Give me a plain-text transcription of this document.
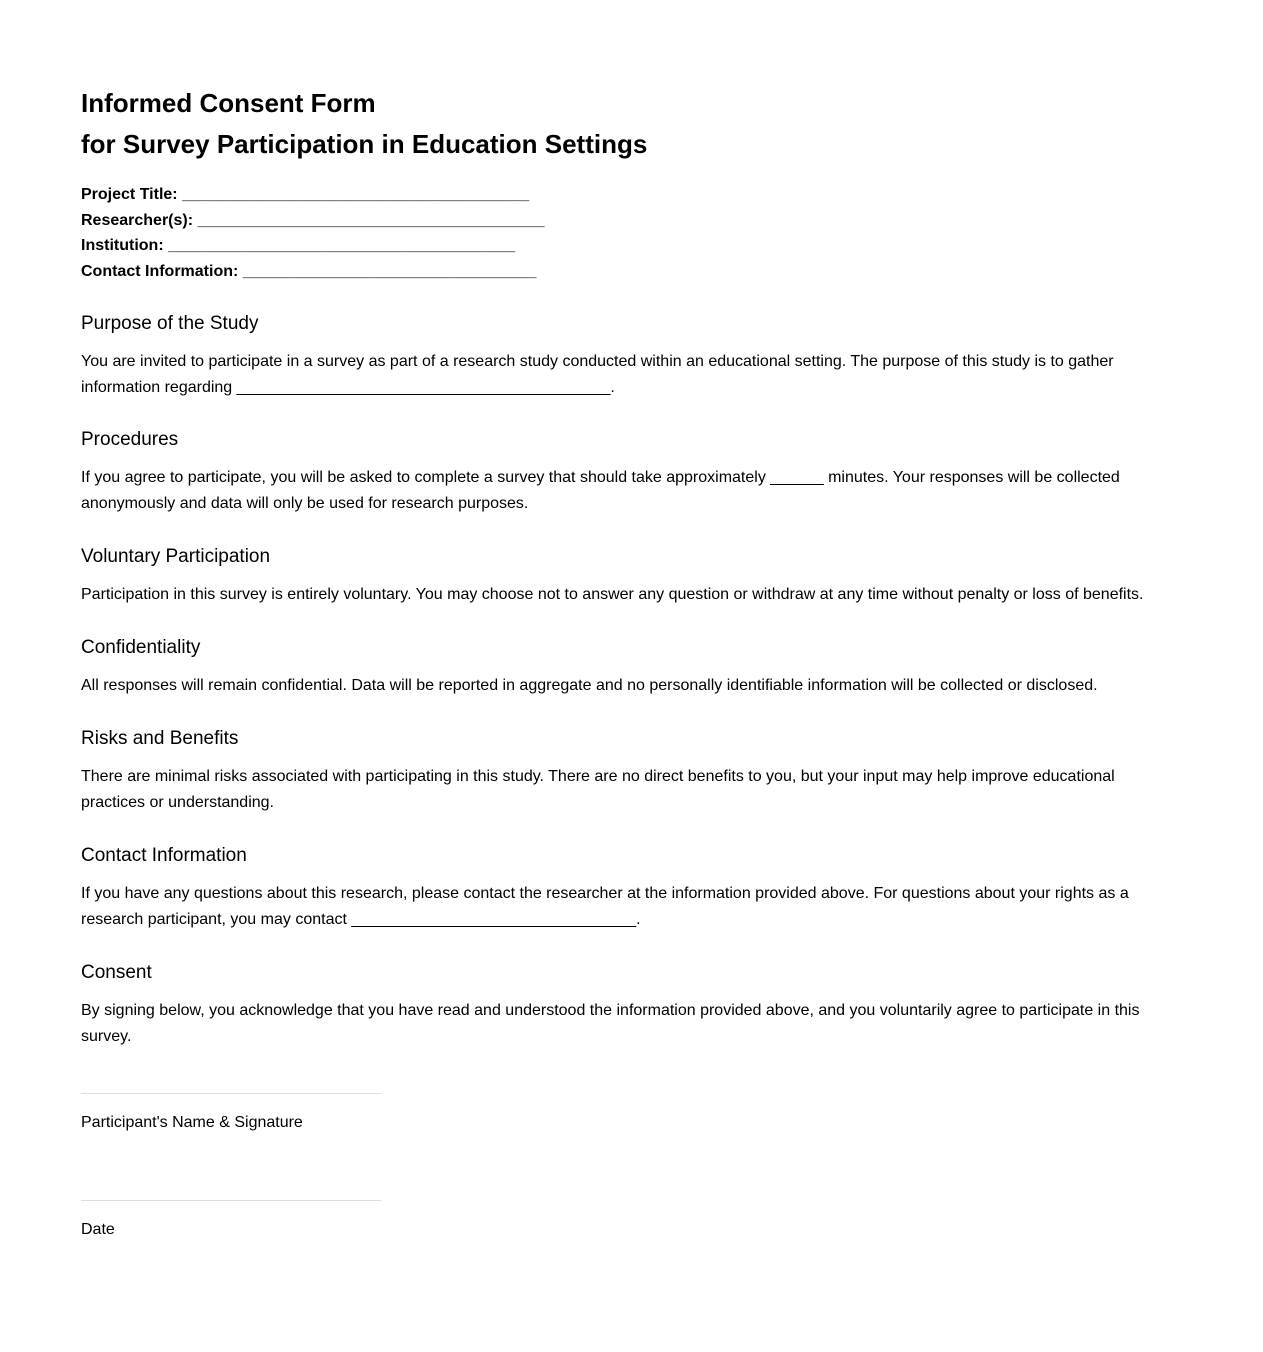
Informed Consent Form
for Survey Participation in Education Settings
Project Title: _______________________________________
Researcher(s): _______________________________________
Institution: _______________________________________
Contact Information: _________________________________
Purpose of the Study

You are invited to participate in a survey as part of a research study conducted within an educational setting. The purpose of this study is to gather information regarding __________________________________________.

Procedures

If you agree to participate, you will be asked to complete a survey that should take approximately ______ minutes. Your responses will be collected anonymously and data will only be used for research purposes.

Voluntary Participation

Participation in this survey is entirely voluntary. You may choose not to answer any question or withdraw at any time without penalty or loss of benefits.

Confidentiality

All responses will remain confidential. Data will be reported in aggregate and no personally identifiable information will be collected or disclosed.

Risks and Benefits

There are minimal risks associated with participating in this study. There are no direct benefits to you, but your input may help improve educational practices or understanding.

Contact Information

If you have any questions about this research, please contact the researcher at the information provided above. For questions about your rights as a research participant, you may contact ________________________________.

Consent

By signing below, you acknowledge that you have read and understood the information provided above, and you voluntarily agree to participate in this survey.

Participant's Name & Signature
Date
